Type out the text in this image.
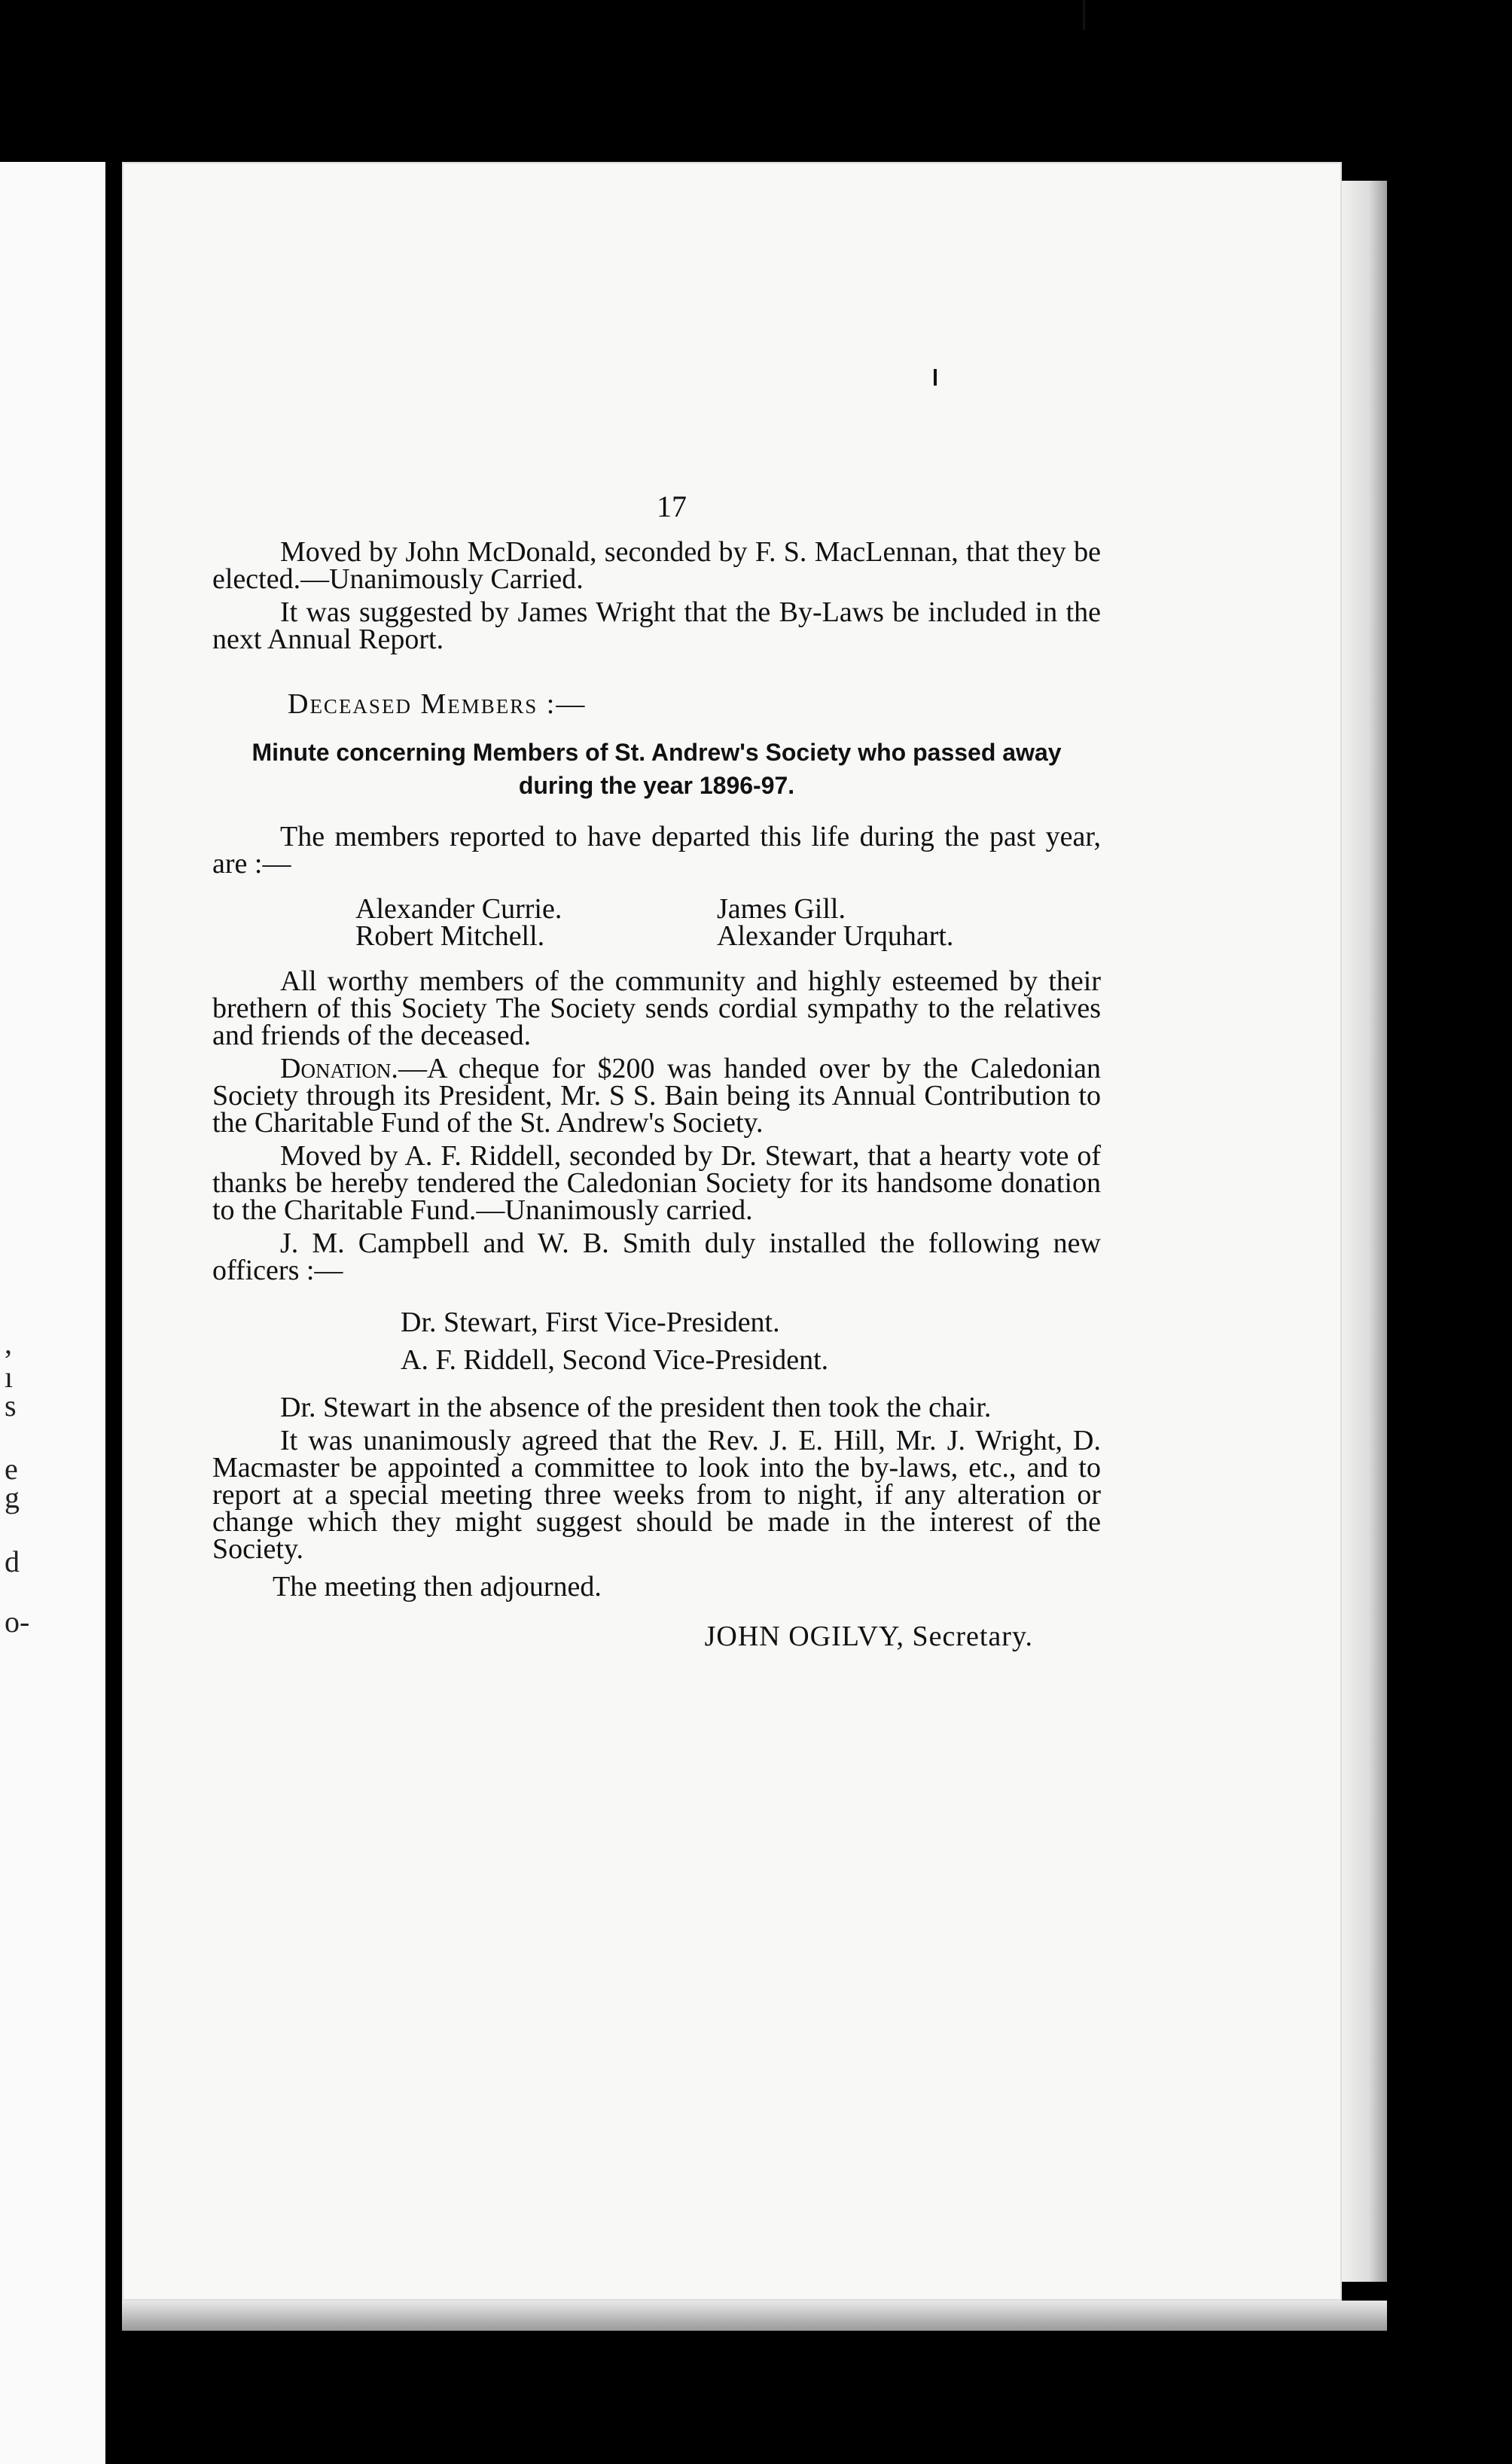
,
ı
s
e
g
d
o-
17

Moved by John McDonald, seconded by F. S. MacLennan, that they be elected.—Unanimously Carried.

It was suggested by James Wright that the By-Laws be included in the next Annual Report.

Deceased Members :—
Minute concerning Members of St. Andrew's Society who passed away during the year 1896-97.

The members reported to have departed this life during the past year, are :—

Alexander Currie.	James Gill.
Robert Mitchell.	Alexander Urquhart.

All worthy members of the community and highly esteemed by their brethern of this Society The Society sends cordial sympathy to the relatives and friends of the deceased.

Donation.—A cheque for $200 was handed over by the Caledonian Society through its President, Mr. S S. Bain being its Annual Contribution to the Charitable Fund of the St. Andrew's Society.

Moved by A. F. Riddell, seconded by Dr. Stewart, that a hearty vote of thanks be hereby tendered the Caledonian Society for its handsome donation to the Charitable Fund.—Unanimously carried.

J. M. Campbell and W. B. Smith duly installed the following new officers :—

Dr. Stewart, First Vice-President.
A. F. Riddell, Second Vice-President.

Dr. Stewart in the absence of the president then took the chair.

It was unanimously agreed that the Rev. J. E. Hill, Mr. J. Wright, D. Macmaster be appointed a committee to look into the by-laws, etc., and to report at a special meeting three weeks from to night, if any alteration or change which they might suggest should be made in the interest of the Society.

The meeting then adjourned.

JOHN OGILVY, Secretary.
